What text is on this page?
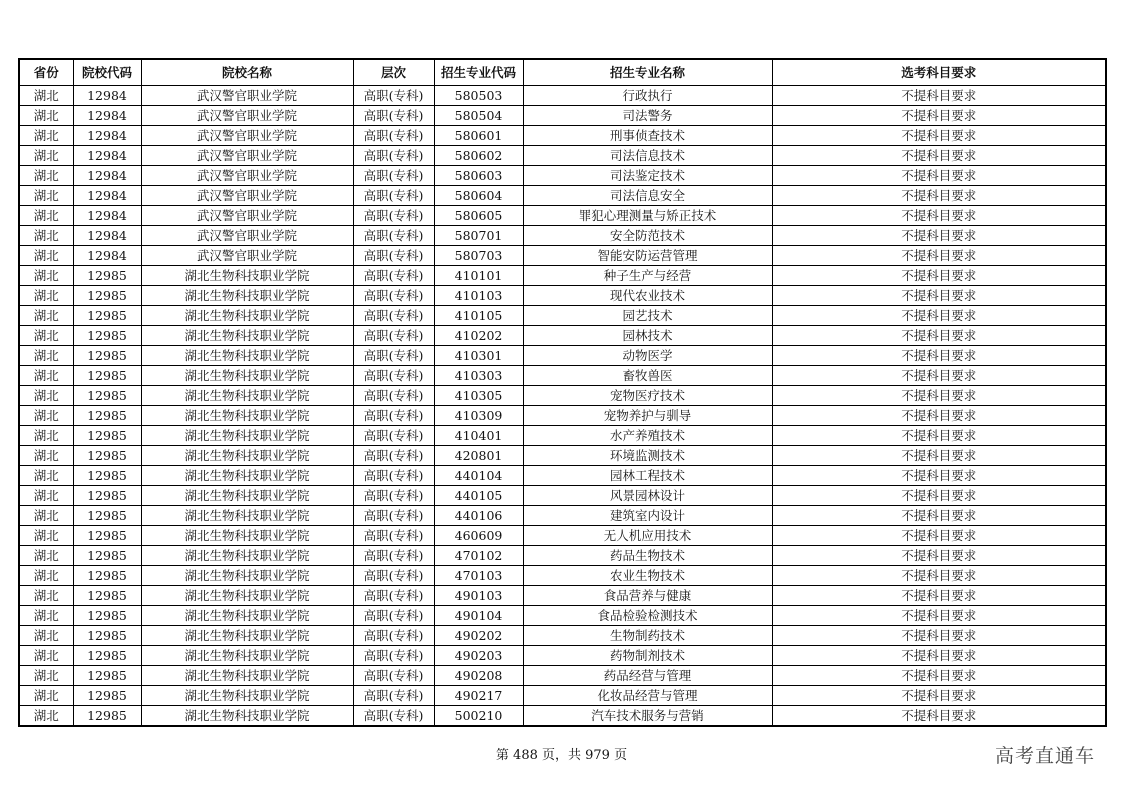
省份	院校代码	院校名称	层次	招生专业代码	招生专业名称	选考科目要求
湖北	12984	武汉警官职业学院	高职(专科)	580503	行政执行	不提科目要求
湖北	12984	武汉警官职业学院	高职(专科)	580504	司法警务	不提科目要求
湖北	12984	武汉警官职业学院	高职(专科)	580601	刑事侦查技术	不提科目要求
湖北	12984	武汉警官职业学院	高职(专科)	580602	司法信息技术	不提科目要求
湖北	12984	武汉警官职业学院	高职(专科)	580603	司法鉴定技术	不提科目要求
湖北	12984	武汉警官职业学院	高职(专科)	580604	司法信息安全	不提科目要求
湖北	12984	武汉警官职业学院	高职(专科)	580605	罪犯心理测量与矫正技术	不提科目要求
湖北	12984	武汉警官职业学院	高职(专科)	580701	安全防范技术	不提科目要求
湖北	12984	武汉警官职业学院	高职(专科)	580703	智能安防运营管理	不提科目要求
湖北	12985	湖北生物科技职业学院	高职(专科)	410101	种子生产与经营	不提科目要求
湖北	12985	湖北生物科技职业学院	高职(专科)	410103	现代农业技术	不提科目要求
湖北	12985	湖北生物科技职业学院	高职(专科)	410105	园艺技术	不提科目要求
湖北	12985	湖北生物科技职业学院	高职(专科)	410202	园林技术	不提科目要求
湖北	12985	湖北生物科技职业学院	高职(专科)	410301	动物医学	不提科目要求
湖北	12985	湖北生物科技职业学院	高职(专科)	410303	畜牧兽医	不提科目要求
湖北	12985	湖北生物科技职业学院	高职(专科)	410305	宠物医疗技术	不提科目要求
湖北	12985	湖北生物科技职业学院	高职(专科)	410309	宠物养护与驯导	不提科目要求
湖北	12985	湖北生物科技职业学院	高职(专科)	410401	水产养殖技术	不提科目要求
湖北	12985	湖北生物科技职业学院	高职(专科)	420801	环境监测技术	不提科目要求
湖北	12985	湖北生物科技职业学院	高职(专科)	440104	园林工程技术	不提科目要求
湖北	12985	湖北生物科技职业学院	高职(专科)	440105	风景园林设计	不提科目要求
湖北	12985	湖北生物科技职业学院	高职(专科)	440106	建筑室内设计	不提科目要求
湖北	12985	湖北生物科技职业学院	高职(专科)	460609	无人机应用技术	不提科目要求
湖北	12985	湖北生物科技职业学院	高职(专科)	470102	药品生物技术	不提科目要求
湖北	12985	湖北生物科技职业学院	高职(专科)	470103	农业生物技术	不提科目要求
湖北	12985	湖北生物科技职业学院	高职(专科)	490103	食品营养与健康	不提科目要求
湖北	12985	湖北生物科技职业学院	高职(专科)	490104	食品检验检测技术	不提科目要求
湖北	12985	湖北生物科技职业学院	高职(专科)	490202	生物制药技术	不提科目要求
湖北	12985	湖北生物科技职业学院	高职(专科)	490203	药物制剂技术	不提科目要求
湖北	12985	湖北生物科技职业学院	高职(专科)	490208	药品经营与管理	不提科目要求
湖北	12985	湖北生物科技职业学院	高职(专科)	490217	化妆品经营与管理	不提科目要求
湖北	12985	湖北生物科技职业学院	高职(专科)	500210	汽车技术服务与营销	不提科目要求
第 488 页，共 979 页	高考直通车
